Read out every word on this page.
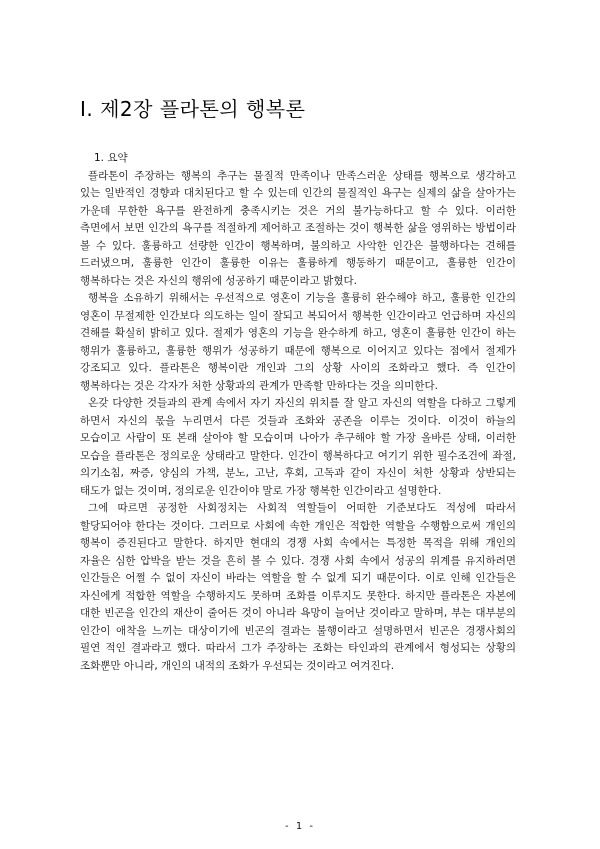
I. 제2장 플라톤의 행복론

1. 요약

플라톤이 주장하는 행복의 추구는 물질적 만족이나 만족스러운 상태를 행복으로 생각하고 있는 일반적인 경향과 대치된다고 할 수 있는데 인간의 물질적인 욕구는 실제의 삶을 살아가는 가운데 무한한 욕구를 완전하게 충족시키는 것은 거의 불가능하다고 할 수 있다. 이러한 측면에서 보면 인간의 욕구를 적절하게 제어하고 조절하는 것이 행복한 삶을 영위하는 방법이라 볼 수 있다. 훌륭하고 선량한 인간이 행복하며, 불의하고 사악한 인간은 불행하다는 견해를 드러냈으며, 훌륭한 인간이 훌륭한 이유는 훌륭하게 행동하기 때문이고, 훌륭한 인간이 행복하다는 것은 자신의 행위에 성공하기 때문이라고 밝혔다.

행복을 소유하기 위해서는 우선적으로 영혼이 기능을 훌륭히 완수해야 하고, 훌륭한 인간의 영혼이 무절제한 인간보다 의도하는 일이 잘되고 복되어서 행복한 인간이라고 언급하며 자신의 견해를 확실히 밝히고 있다. 절제가 영혼의 기능을 완수하게 하고, 영혼이 훌륭한 인간이 하는 행위가 훌륭하고, 훌륭한 행위가 성공하기 때문에 행복으로 이어지고 있다는 점에서 절제가 강조되고 있다. 플라톤은 행복이란 개인과 그의 상황 사이의 조화라고 했다. 즉 인간이 행복하다는 것은 각자가 처한 상황과의 관계가 만족할 만하다는 것을 의미한다.

온갖 다양한 것들과의 관계 속에서 자기 자신의 위치를 잘 알고 자신의 역할을 다하고 그렇게 하면서 자신의 몫을 누리면서 다른 것들과 조화와 공존을 이루는 것이다. 이것이 하늘의 모습이고 사람이 또 본래 살아야 할 모습이며 나아가 추구해야 할 가장 올바른 상태, 이러한 모습을 플라톤은 정의로운 상태라고 말한다. 인간이 행복하다고 여기기 위한 필수조건에 좌절, 의기소침, 짜증, 양심의 가책, 분노, 고난, 후회, 고독과 같이 자신이 처한 상황과 상반되는 태도가 없는 것이며, 정의로운 인간이야 말로 가장 행복한 인간이라고 설명한다.

그에 따르면 공정한 사회정치는 사회적 역할들이 어떠한 기준보다도 적성에 따라서 할당되어야 한다는 것이다. 그러므로 사회에 속한 개인은 적합한 역할을 수행함으로써 개인의 행복이 증진된다고 말한다. 하지만 현대의 경쟁 사회 속에서는 특정한 목적을 위해 개인의 자율은 심한 압박을 받는 것을 흔히 볼 수 있다. 경쟁 사회 속에서 성공의 위계를 유지하려면 인간들은 어쩔 수 없이 자신이 바라는 역할을 할 수 없게 되기 때문이다. 이로 인해 인간들은 자신에게 적합한 역할을 수행하지도 못하며 조화를 이루지도 못한다. 하지만 플라톤은 자본에 대한 빈곤을 인간의 재산이 줄어든 것이 아니라 욕망이 늘어난 것이라고 말하며, 부는 대부분의 인간이 애착을 느끼는 대상이기에 빈곤의 결과는 불행이라고 설명하면서 빈곤은 경쟁사회의 필연 적인 결과라고 했다. 따라서 그가 주장하는 조화는 타인과의 관계에서 형성되는 상황의 조화뿐만 아니라, 개인의 내적의 조화가 우선되는 것이라고 여겨진다.

- 1 -
